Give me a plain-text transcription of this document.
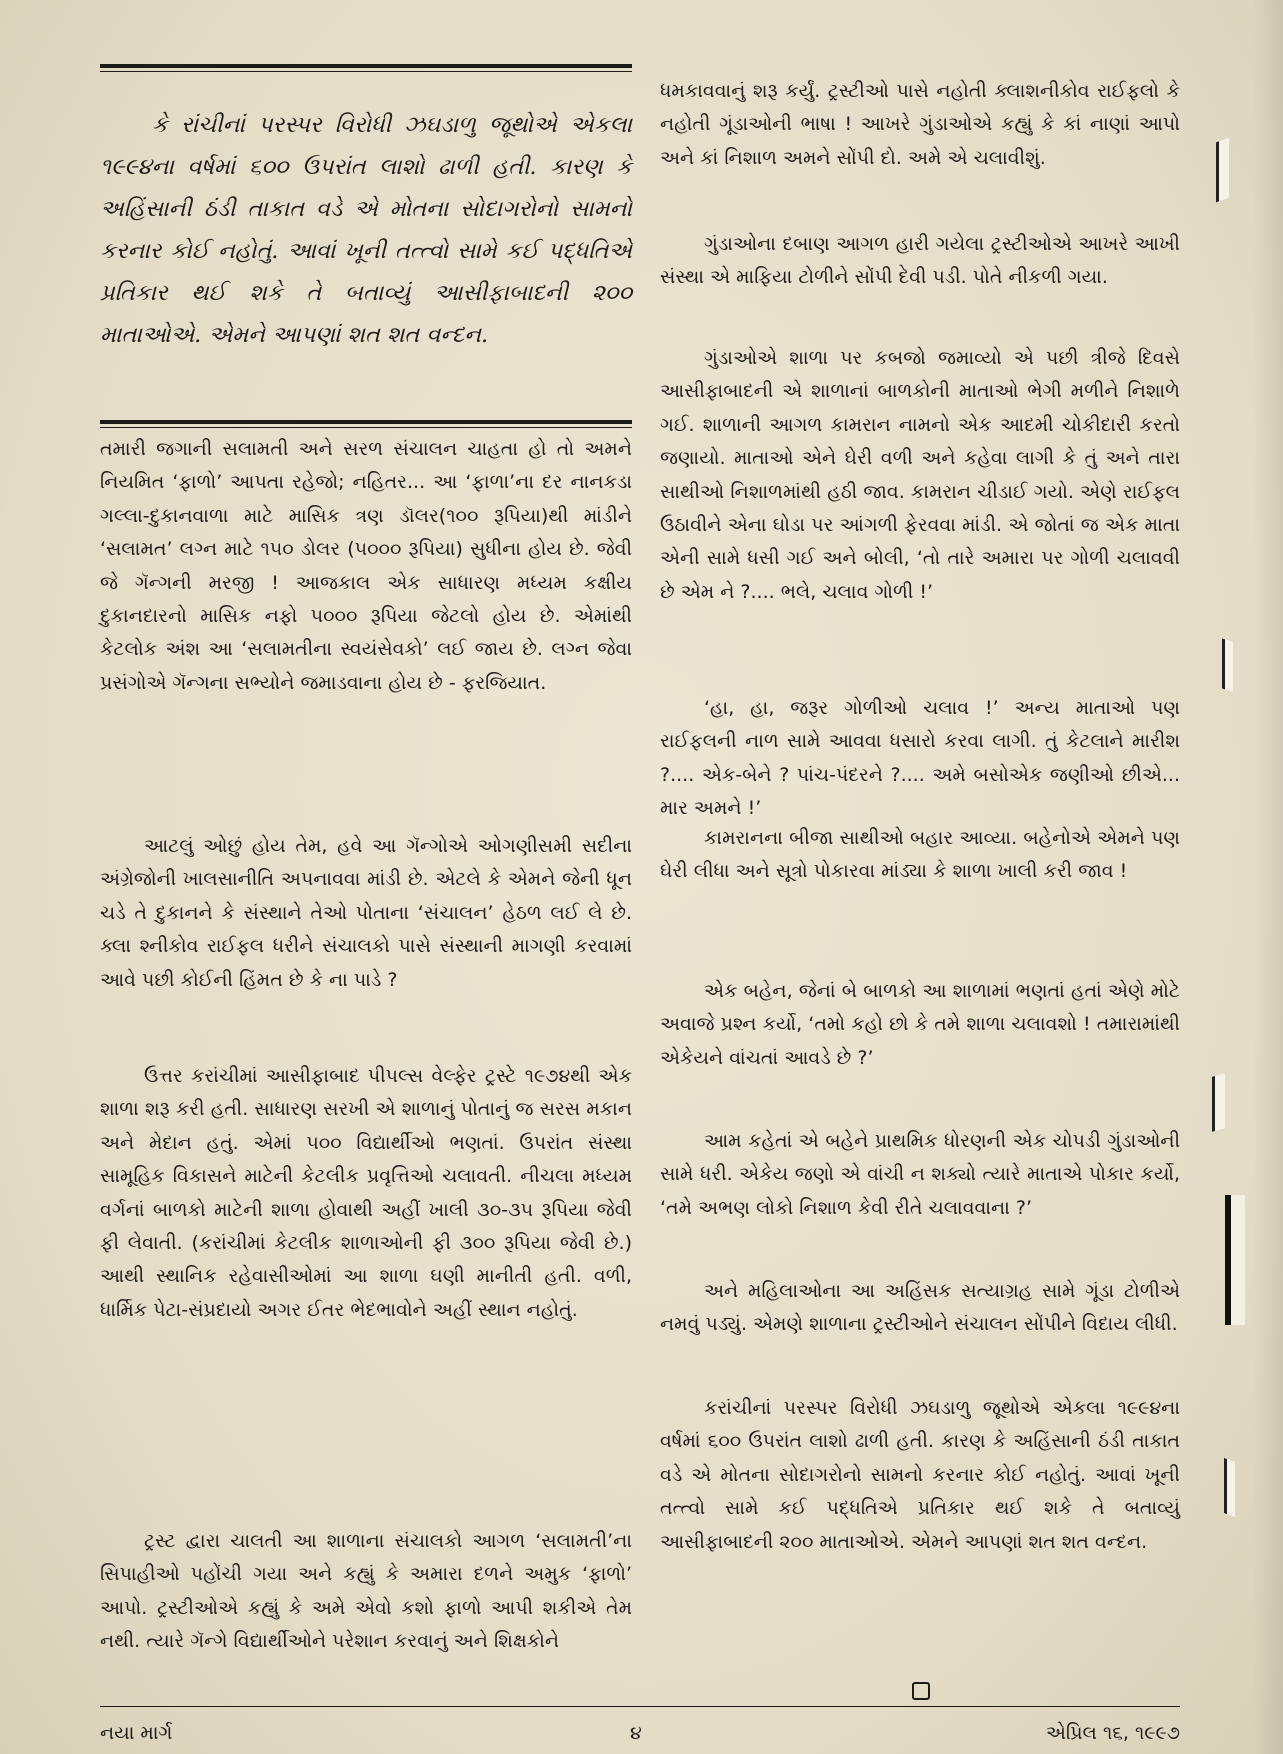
કે રાંચીનાં પરસ્પર વિરોધી ઝઘડાળુ જૂથોએ એકલા ૧૯૯૪ના વર્ષમાં ૬૦૦ ઉપરાંત લાશો ઢાળી હતી. કારણ કે અહિંસાની ઠંડી તાકાત વડે એ મોતના સોદાગરોનો સામનો કરનાર કોઈ નહોતું. આવાં ખૂની તત્ત્વો સામે કઈ પદ્ધતિએ પ્રતિકાર થઈ શકે તે બતાવ્યું આસીફાબાદની ૨૦૦ માતાઓએ. એમને આપણાં શત શત વન્દન.

તમારી જગાની સલામતી અને સરળ સંચાલન ચાહતા હો તો અમને નિયમિત ‘ફાળો’ આપતા રહેજો; નહિતર... આ ‘ફાળા’ના દર નાનકડા ગલ્લા-દુકાનવાળા માટે માસિક ત્રણ ડૉલર(૧૦૦ રૂપિયા)થી માંડીને ‘સલામત’ લગ્ન માટે ૧૫૦ ડોલર (૫૦૦૦ રૂપિયા) સુધીના હોય છે. જેવી જે ગૅન્ગની મરજી ! આજકાલ એક સાધારણ મધ્યમ કક્ષીય દુકાનદારનો માસિક નફો ૫૦૦૦ રૂપિયા જેટલો હોય છે. એમાંથી કેટલોક અંશ આ ‘સલામતીના સ્વયંસેવકો’ લઈ જાય છે. લગ્ન જેવા પ્રસંગોએ ગૅન્ગના સભ્યોને જમાડવાના હોય છે - ફરજિયાત.

આટલું ઓછું હોય તેમ, હવે આ ગૅન્ગોએ ઓગણીસમી સદીના અંગ્રેજોની ખાલસાનીતિ અપનાવવા માંડી છે. એટલે કે એમને જેની ધૂન ચડે તે દુકાનને કે સંસ્થાને તેઓ પોતાના ‘સંચાલન’ હેઠળ લઈ લે છે. ક્લા શ્નીકોવ રાઈફલ ધરીને સંચાલકો પાસે સંસ્થાની માગણી કરવામાં આવે પછી કોઈની હિંમત છે કે ના પાડે ?

ઉત્તર કરાંચીમાં આસીફાબાદ પીપલ્સ વેલ્ફેર ટ્રસ્ટે ૧૯૭૪થી એક શાળા શરૂ કરી હતી. સાધારણ સરખી એ શાળાનું પોતાનું જ સરસ મકાન અને મેદાન હતું. એમાં ૫૦૦ વિદ્યાર્થીઓ ભણતાં. ઉપરાંત સંસ્થા સામૂહિક વિકાસને માટેની કેટલીક પ્રવૃત્તિઓ ચલાવતી. નીચલા મધ્યમ વર્ગનાં બાળકો માટેની શાળા હોવાથી અહીં ખાલી ૩૦-૩૫ રૂપિયા જેવી ફી લેવાતી. (કરાંચીમાં કેટલીક શાળાઓની ફી ૩૦૦ રૂપિયા જેવી છે.) આથી સ્થાનિક રહેવાસીઓમાં આ શાળા ઘણી માનીતી હતી. વળી, ધાર્મિક પેટા-સંપ્રદાયો અગર ઈતર ભેદભાવોને અહીં સ્થાન નહોતું.

ટ્રસ્ટ દ્વારા ચાલતી આ શાળાના સંચાલકો આગળ ‘સલામતી’ના સિપાહીઓ પહોંચી ગયા અને કહ્યું કે અમારા દળને અમુક ‘ફાળો’ આપો. ટ્રસ્ટીઓએ કહ્યું કે અમે એવો કશો ફાળો આપી શકીએ તેમ નથી. ત્યારે ગૅન્ગે વિદ્યાર્થીઓને પરેશાન કરવાનું અને શિક્ષકોને

ધમકાવવાનું શરૂ કર્યું. ટ્રસ્ટીઓ પાસે નહોતી ક્લાશનીકોવ રાઈફલો કે નહોતી ગૂંડાઓની ભાષા ! આખરે ગુંડાઓએ કહ્યું કે કાં નાણાં આપો અને કાં નિશાળ અમને સોંપી દો. અમે એ ચલાવીશું.

ગુંડાઓના દબાણ આગળ હારી ગયેલા ટ્રસ્ટીઓએ આખરે આખી સંસ્થા એ માફિયા ટોળીને સોંપી દેવી પડી. પોતે નીકળી ગયા.

ગુંડાઓએ શાળા પર કબજો જમાવ્યો એ પછી ત્રીજે દિવસે આસીફાબાદની એ શાળાનાં બાળકોની માતાઓ ભેગી મળીને નિશાળે ગઈ. શાળાની આગળ કામરાન નામનો એક આદમી ચોકીદારી કરતો જણાયો. માતાઓ એને ઘેરી વળી અને કહેવા લાગી કે તું અને તારા સાથીઓ નિશાળમાંથી હઠી જાવ. કામરાન ચીડાઈ ગયો. એણે રાઈફલ ઉઠાવીને એના ઘોડા પર આંગળી ફેરવવા માંડી. એ જોતાં જ એક માતા એની સામે ધસી ગઈ અને બોલી, ‘તો તારે અમારા પર ગોળી ચલાવવી છે એમ ને ?.... ભલે, ચલાવ ગોળી !’

‘હા, હા, જરૂર ગોળીઓ ચલાવ !’ અન્ય માતાઓ પણ રાઈફલની નાળ સામે આવવા ધસારો કરવા લાગી. તું કેટલાને મારીશ ?.... એક-બેને ? પાંચ-પંદરને ?.... અમે બસોએક જણીઓ છીએ... માર અમને !’

કામરાનના બીજા સાથીઓ બહાર આવ્યા. બહેનોએ એમને પણ ઘેરી લીધા અને સૂત્રો પોકારવા માંડ્યા કે શાળા ખાલી કરી જાવ !

એક બહેન, જેનાં બે બાળકો આ શાળામાં ભણતાં હતાં એણે મોટે અવાજે પ્રશ્ન કર્યો, ‘તમો કહો છો કે તમે શાળા ચલાવશો ! તમારામાંથી એકેયને વાંચતાં આવડે છે ?’

આમ કહેતાં એ બહેને પ્રાથમિક ધોરણની એક ચોપડી ગુંડાઓની સામે ધરી. એકેય જણો એ વાંચી ન શક્યો ત્યારે માતાએ પોકાર કર્યો, ‘તમે અભણ લોકો નિશાળ કેવી રીતે ચલાવવાના ?’

અને મહિલાઓના આ અહિંસક સત્યાગ્રહ સામે ગૂંડા ટોળીએ નમવું પડ્યું. એમણે શાળાના ટ્રસ્ટીઓને સંચાલન સોંપીને વિદાય લીધી.

કરાંચીનાં પરસ્પર વિરોધી ઝઘડાળુ જૂથોએ એકલા ૧૯૯૪ના વર્ષમાં ૬૦૦ ઉપરાંત લાશો ઢાળી હતી. કારણ કે અહિંસાની ઠંડી તાકાત વડે એ મોતના સોદાગરોનો સામનો કરનાર કોઈ નહોતું. આવાં ખૂની તત્ત્વો સામે કઈ પદ્ધતિએ પ્રતિકાર થઈ શકે તે બતાવ્યું આસીફાબાદની ૨૦૦ માતાઓએ. એમને આપણાં શત શત વન્દન.

નયા માર્ગ	૪	એપ્રિલ ૧૬, ૧૯૯૭
